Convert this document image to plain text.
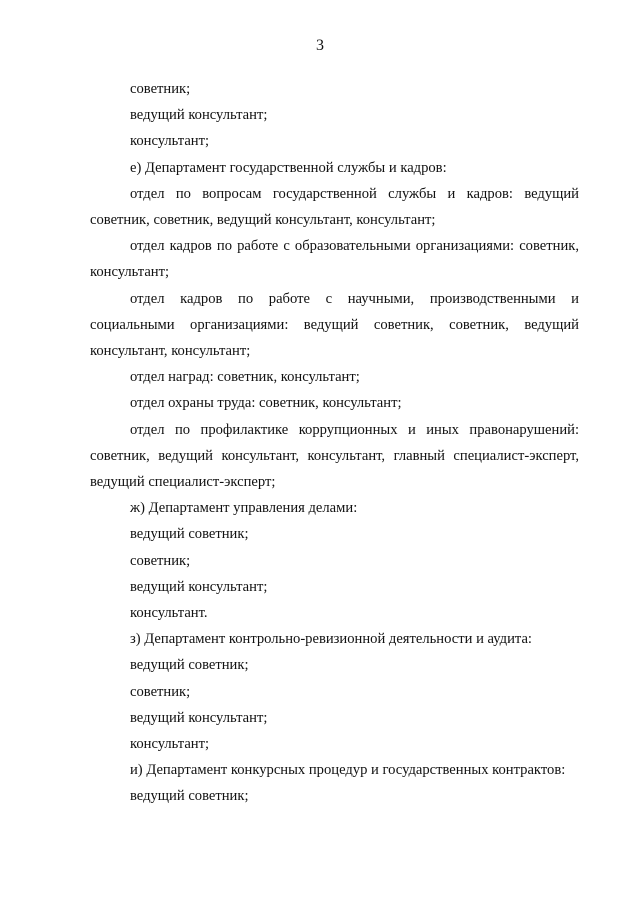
3

советник;

ведущий консультант;

консультант;

е) Департамент государственной службы и кадров:

отдел по вопросам государственной службы и кадров: ведущий советник, советник, ведущий консультант, консультант;

отдел кадров по работе с образовательными организациями: советник, консультант;

отдел кадров по работе с научными, производственными и социальными организациями: ведущий советник, советник, ведущий консультант, консультант;

отдел наград: советник, консультант;

отдел охраны труда: советник, консультант;

отдел по профилактике коррупционных и иных правонарушений: советник, ведущий консультант, консультант, главный специалист-эксперт, ведущий специалист-эксперт;

ж) Департамент управления делами:

ведущий советник;

советник;

ведущий консультант;

консультант.

з) Департамент контрольно-ревизионной деятельности и аудита:

ведущий советник;

советник;

ведущий консультант;

консультант;

и) Департамент конкурсных процедур и государственных контрактов:

ведущий советник;
